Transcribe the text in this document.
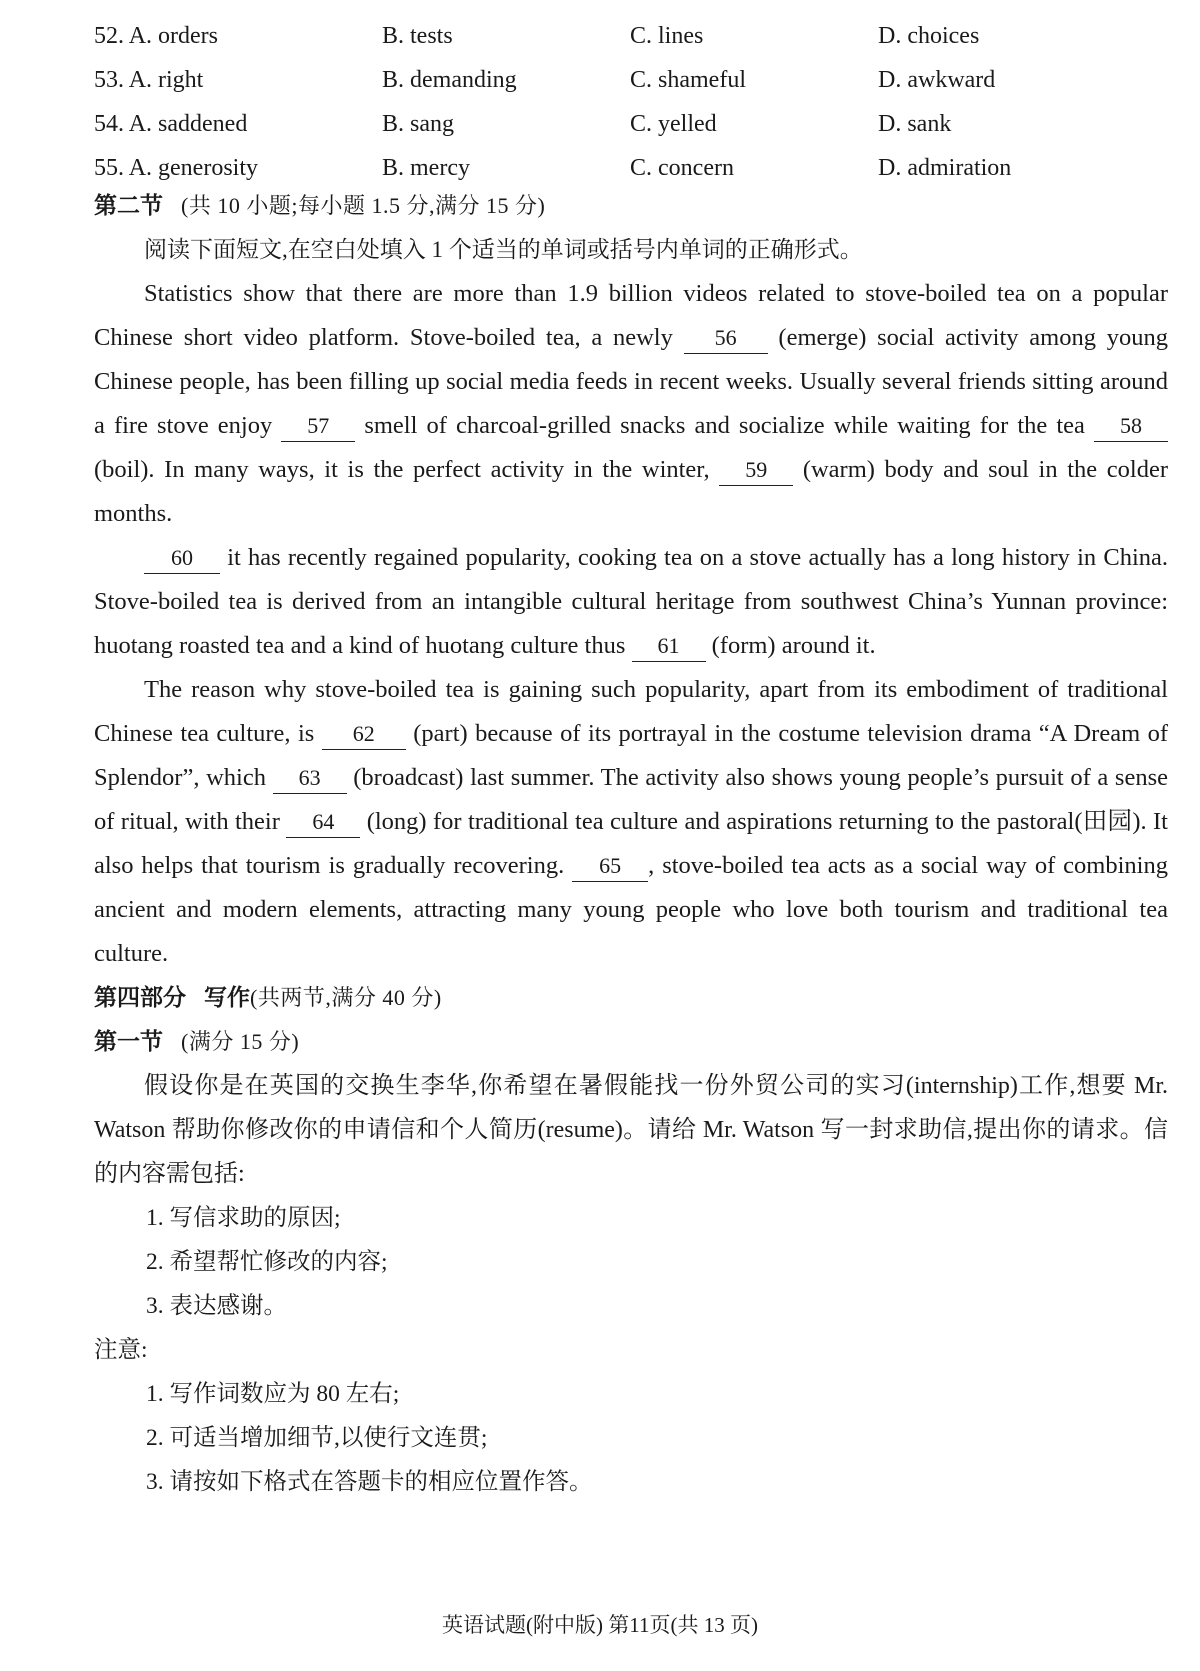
52. A. orders	B. tests	C. lines	D. choices
53. A. right	B. demanding	C. shameful	D. awkward
54. A. saddened	B. sang	C. yelled	D. sank
55. A. generosity	B. mercy	C. concern	D. admiration
第二节 (共 10 小题;每小题 1.5 分,满分 15 分)
阅读下面短文,在空白处填入 1 个适当的单词或括号内单词的正确形式。
Statistics show that there are more than 1.9 billion videos related to stove-boiled tea on a popular Chinese short video platform. Stove-boiled tea, a newly 56 (emerge) social activity among young Chinese people, has been filling up social media feeds in recent weeks. Usually several friends sitting around a fire stove enjoy 57 smell of charcoal-grilled snacks and socialize while waiting for the tea 58 (boil). In many ways, it is the perfect activity in the winter, 59 (warm) body and soul in the colder months.
60 it has recently regained popularity, cooking tea on a stove actually has a long history in China. Stove-boiled tea is derived from an intangible cultural heritage from southwest China’s Yunnan province: huotang roasted tea and a kind of huotang culture thus 61 (form) around it.
The reason why stove-boiled tea is gaining such popularity, apart from its embodiment of traditional Chinese tea culture, is 62 (part) because of its portrayal in the costume television drama “A Dream of Splendor”, which 63 (broadcast) last summer. The activity also shows young people’s pursuit of a sense of ritual, with their 64 (long) for traditional tea culture and aspirations returning to the pastoral(田园). It also helps that tourism is gradually recovering. 65 , stove-boiled tea acts as a social way of combining ancient and modern elements, attracting many young people who love both tourism and traditional tea culture.
第四部分 写作(共两节,满分 40 分)
第一节 (满分 15 分)
假设你是在英国的交换生李华,你希望在暑假能找一份外贸公司的实习(internship)工作,想要 Mr. Watson 帮助你修改你的申请信和个人简历(resume)。请给 Mr. Watson 写一封求助信,提出你的请求。信的内容需包括:
1. 写信求助的原因;
2. 希望帮忙修改的内容;
3. 表达感谢。
注意:
1. 写作词数应为 80 左右;
2. 可适当增加细节,以使行文连贯;
3. 请按如下格式在答题卡的相应位置作答。
英语试题(附中版) 第11页(共 13 页)
